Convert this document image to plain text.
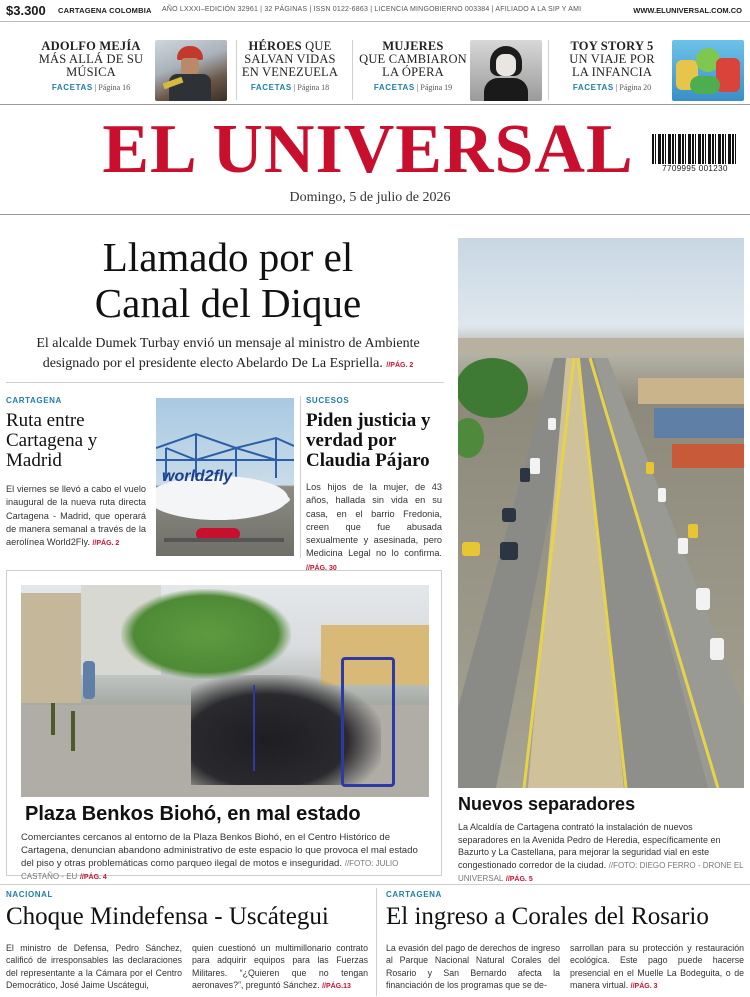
$3.300 CARTAGENA COLOMBIA AÑO LXXXI–EDICIÓN 32961 | 32 PÁGINAS | ISSN 0122-6863 | LICENCIA MINGOBIERNO 003384 | AFILIADO A LA SIP Y AMI	WWW.ELUNIVERSAL.COM.CO
ADOLFO MEJÍA
MÁS ALLÁ DE SU MÚSICA
FACETAS | Página 16
HÉROES QUE SALVAN VIDAS EN VENEZUELA
FACETAS | Página 18
MUJERES
QUE CAMBIARON LA ÓPERA
FACETAS | Página 19
TOY STORY 5
UN VIAJE POR LA INFANCIA
FACETAS | Página 20
EL UNIVERSAL	7709995 001230
Domingo, 5 de julio de 2026
Llamado por el
Canal del Dique
El alcalde Dumek Turbay envió un mensaje al ministro de Ambiente designado por el presidente electo Abelardo De La Espriella. //PÁG. 2
CARTAGENA
Ruta entre Cartagena y Madrid
El viernes se llevó a cabo el vuelo inaugural de la nueva ruta directa Cartagena - Madrid, que operará de manera semanal a través de la aerolínea World2Fly. //PÁG. 2
world2fly
SUCESOS
Piden justicia y verdad por Claudia Pájaro
Los hijos de la mujer, de 43 años, hallada sin vida en su casa, en el barrio Fredonia, creen que fue abusada sexualmente y asesinada, pero Medicina Legal no lo confirma. //PÁG. 30
Plaza Benkos Biohó, en mal estado
Comerciantes cercanos al entorno de la Plaza Benkos Biohó, en el Centro Histórico de Cartagena, denuncian abandono administrativo de este espacio lo que provoca el mal estado del piso y otras problemáticas como parqueo ilegal de motos e inseguridad. //FOTO: JULIO CASTAÑO - EU //PÁG. 4
Nuevos separadores
La Alcaldía de Cartagena contrató la instalación de nuevos separadores en la Avenida Pedro de Heredia, específicamente en Bazurto y La Castellana, para mejorar la seguridad vial en este congestionado corredor de la ciudad. //FOTO: DIEGO FERRO - DRONE EL UNIVERSAL //PÁG. 5
NACIONAL
Choque Mindefensa - Uscátegui
El ministro de Defensa, Pedro Sánchez, calificó de irresponsables las declaraciones del representante a la Cámara por el Centro Democrático, José Jaime Uscátegui,
quien cuestionó un multimillonario contrato para adquirir equipos para las Fuerzas Militares. “¿Quieren que no tengan aeronaves?”, preguntó Sánchez. //PÁG.13
CARTAGENA
El ingreso a Corales del Rosario
La evasión del pago de derechos de ingreso al Parque Nacional Natural Corales del Rosario y San Bernardo afecta la financiación de los programas que se de-
sarrollan para su protección y restauración ecológica. Este pago puede hacerse presencial en el Muelle La Bodeguita, o de manera virtual. //PÁG. 3
